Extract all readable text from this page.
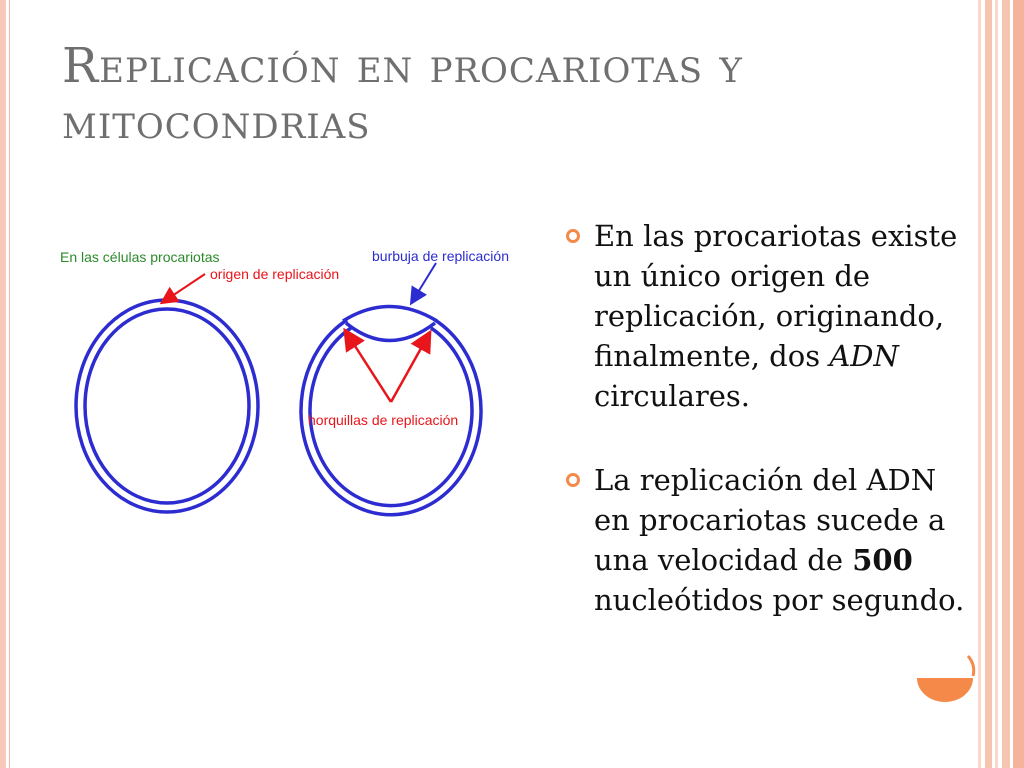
Replicación en procariotas y mitocondrias
En las células procariotas
origen de replicación
burbuja de replicación
horquillas de replicación
En las procariotas existe un único origen de replicación, originando, finalmente, dos ADN circulares.
La replicación del ADN en procariotas sucede a una velocidad de 500 nucleótidos por segundo.
